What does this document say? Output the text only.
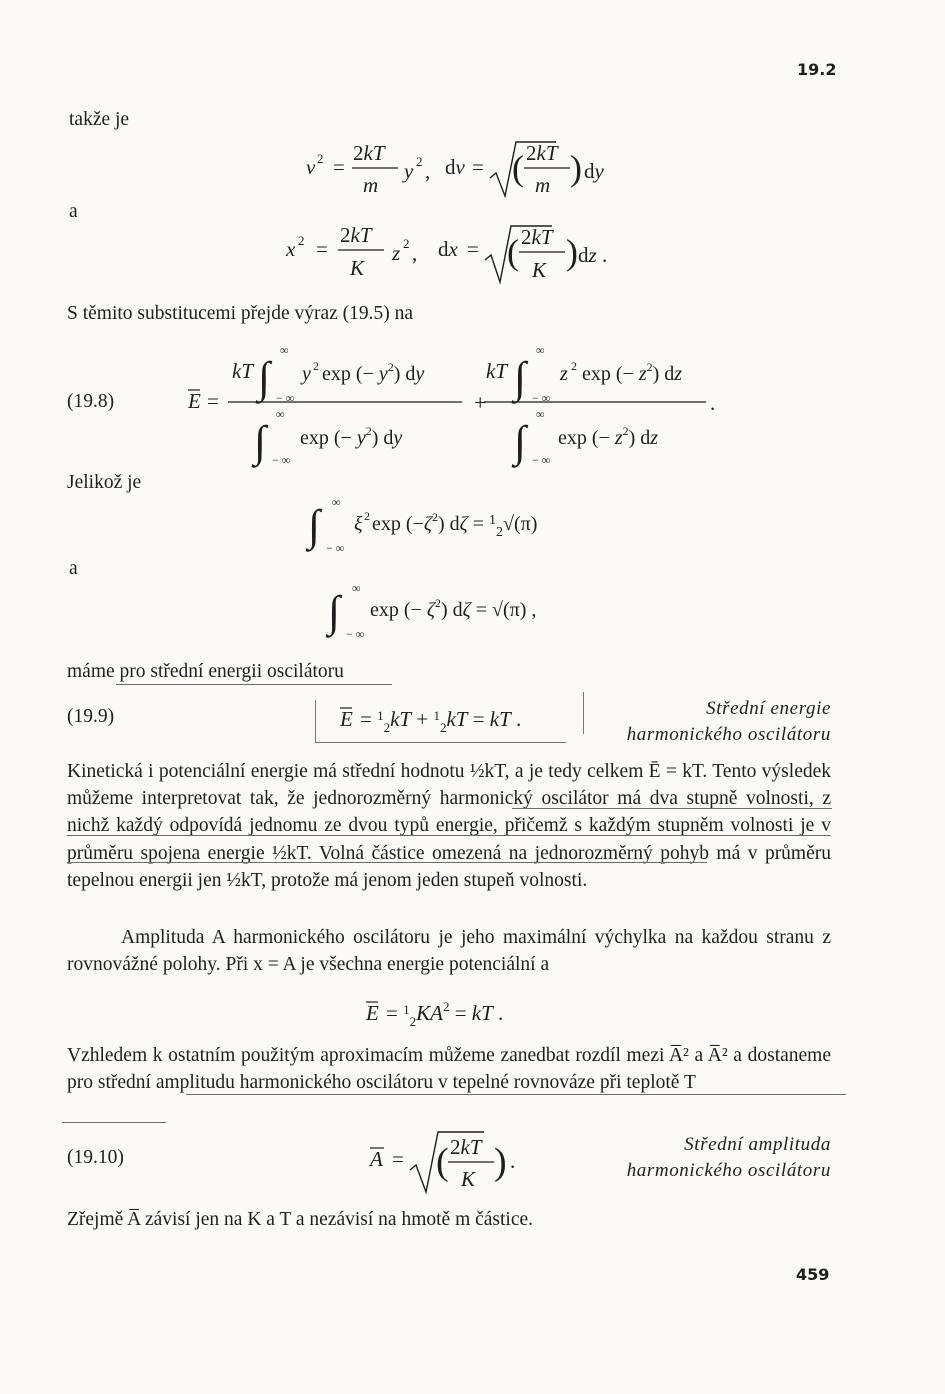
19.2
takže je
v 2 =
2kT
m
y 2 , dv = ( 2kT
m ) dy
a
x 2 =
2kT
K
z 2 , dx = ( 2kT
K ) dz .
S těmito substitucemi přejde výraz (19.5) na
(19.8)	E =
kT ∫
∞
− ∞
y 2 exp (− $y^2$) dy
∫
∞
− ∞
exp (− $y^2$) dy
+
kT ∫
∞
− ∞
z 2 exp (− $z^2$) dz
∫
∞
− ∞
exp (− $z^2$) dz
.
Jelikož je
∫ ∞
− ∞
ξ 2 $\exp (-\zeta^2) d\zeta = ^1_2√(\pi)$
a
∫ ∞
− ∞
exp (− $\zeta^2$) dζ = √(π) ,
máme pro střední energii oscilátoru
(19.9)	E = $^1_2$kT + $^1_2$kT = kT .	Střední energie
harmonického oscilátoru
Kinetická i potenciální energie má střední hodnotu ½kT, a je tedy celkem Ē = kT. Tento výsledek můžeme interpretovat tak, že jednorozměrný harmonický oscilátor má dva stupně volnosti, z nichž každý odpovídá jednomu ze dvou typů energie, přičemž s každým stupněm volnosti je v průměru spojena energie ½kT. Volná částice omezená na jednorozměrný pohyb má v průměru tepelnou energii jen ½kT, protože má jenom jeden stupeň volnosti.
Amplituda A harmonického oscilátoru je jeho maximální výchylka na každou stranu z rovnovážné polohy. Při x = A je všechna energie potenciální a
$E = ^1_2KA^2$ = kT .
Vzhledem k ostatním použitým aproximacím můžeme zanedbat rozdíl mezi A̅² a A̅² a dostaneme pro střední amplitudu harmonického oscilátoru v tepelné rovnováze při teplotě T
(19.10)	A = ( 2kT
K ) .
Střední amplituda
harmonického oscilátoru
Zřejmě A̅ závisí jen na K a T a nezávisí na hmotě m částice.
459
